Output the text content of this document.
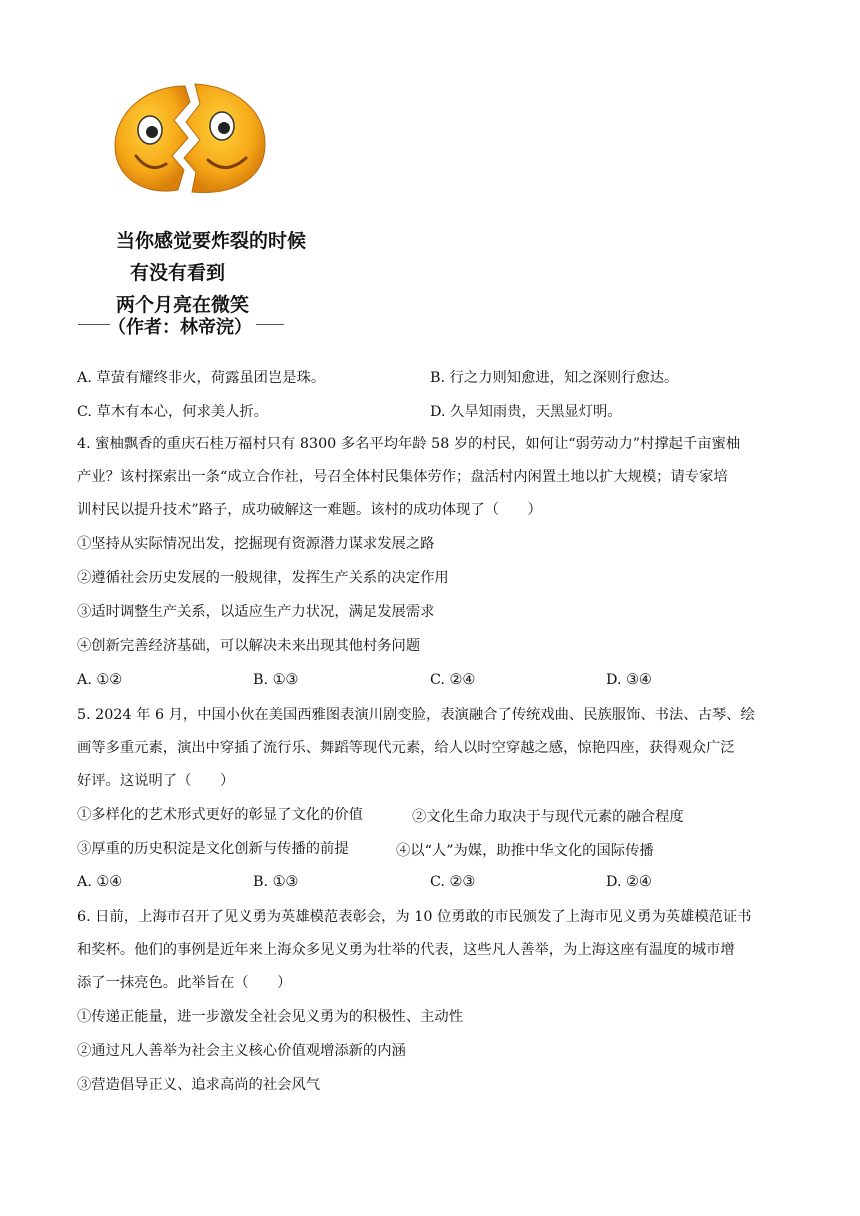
当你感觉要炸裂的时候
有没有看到
两个月亮在微笑
（作者：林帝浣）
A. 草萤有耀终非火，荷露虽团岂是珠。	B. 行之力则知愈进，知之深则行愈达。
C. 草木有本心，何求美人折。	D. 久旱知雨贵，天黑显灯明。
4. 蜜柚飘香的重庆石桂万福村只有 8300 多名平均年龄 58 岁的村民，如何让“弱劳动力”村撑起千亩蜜柚
产业？该村探索出一条“成立合作社，号召全体村民集体劳作；盘活村内闲置土地以扩大规模；请专家培
训村民以提升技术”路子，成功破解这一难题。该村的成功体现了（　　）
①坚持从实际情况出发，挖掘现有资源潜力谋求发展之路
②遵循社会历史发展的一般规律，发挥生产关系的决定作用
③适时调整生产关系，以适应生产力状况，满足发展需求
④创新完善经济基础，可以解决未来出现其他村务问题
A. ①②	B. ①③	C. ②④	D. ③④
5. 2024 年 6 月，中国小伙在美国西雅图表演川剧变脸，表演融合了传统戏曲、民族服饰、书法、古琴、绘
画等多重元素，演出中穿插了流行乐、舞蹈等现代元素，给人以时空穿越之感，惊艳四座，获得观众广泛
好评。这说明了（　　）
①多样化的艺术形式更好的彰显了文化的价值	②文化生命力取决于与现代元素的融合程度
③厚重的历史积淀是文化创新与传播的前提	④以“人”为媒，助推中华文化的国际传播
A. ①④	B. ①③	C. ②③	D. ②④
6. 日前，上海市召开了见义勇为英雄模范表彰会，为 10 位勇敢的市民颁发了上海市见义勇为英雄模范证书
和奖杯。他们的事例是近年来上海众多见义勇为壮举的代表，这些凡人善举，为上海这座有温度的城市增
添了一抹亮色。此举旨在（　　）
①传递正能量，进一步激发全社会见义勇为的积极性、主动性
②通过凡人善举为社会主义核心价值观增添新的内涵
③营造倡导正义、追求高尚的社会风气
